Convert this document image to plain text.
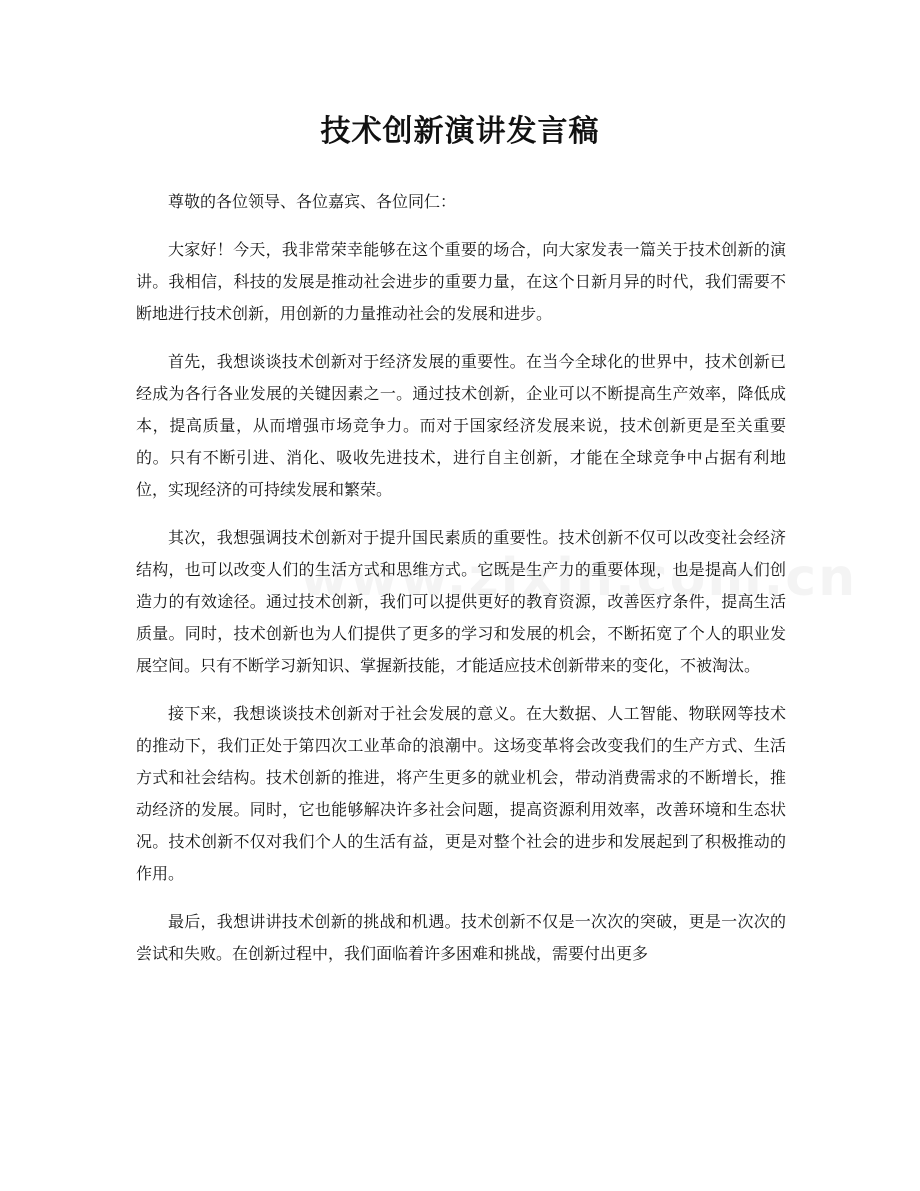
技术创新演讲发言稿

尊敬的各位领导、各位嘉宾、各位同仁：

大家好！今天，我非常荣幸能够在这个重要的场合，向大家发表一篇关于技术创新的演讲。我相信，科技的发展是推动社会进步的重要力量，在这个日新月异的时代，我们需要不断地进行技术创新，用创新的力量推动社会的发展和进步。

首先，我想谈谈技术创新对于经济发展的重要性。在当今全球化的世界中，技术创新已经成为各行各业发展的关键因素之一。通过技术创新，企业可以不断提高生产效率，降低成本，提高质量，从而增强市场竞争力。而对于国家经济发展来说，技术创新更是至关重要的。只有不断引进、消化、吸收先进技术，进行自主创新，才能在全球竞争中占据有利地位，实现经济的可持续发展和繁荣。

其次，我想强调技术创新对于提升国民素质的重要性。技术创新不仅可以改变社会经济结构，也可以改变人们的生活方式和思维方式。它既是生产力的重要体现，也是提高人们创造力的有效途径。通过技术创新，我们可以提供更好的教育资源，改善医疗条件，提高生活质量。同时，技术创新也为人们提供了更多的学习和发展的机会，不断拓宽了个人的职业发展空间。只有不断学习新知识、掌握新技能，才能适应技术创新带来的变化，不被淘汰。

接下来，我想谈谈技术创新对于社会发展的意义。在大数据、人工智能、物联网等技术的推动下，我们正处于第四次工业革命的浪潮中。这场变革将会改变我们的生产方式、生活方式和社会结构。技术创新的推进，将产生更多的就业机会，带动消费需求的不断增长，推动经济的发展。同时，它也能够解决许多社会问题，提高资源利用效率，改善环境和生态状况。技术创新不仅对我们个人的生活有益，更是对整个社会的进步和发展起到了积极推动的作用。

最后，我想讲讲技术创新的挑战和机遇。技术创新不仅是一次次的突破，更是一次次的尝试和失败。在创新过程中，我们面临着许多困难和挑战，需要付出更多
